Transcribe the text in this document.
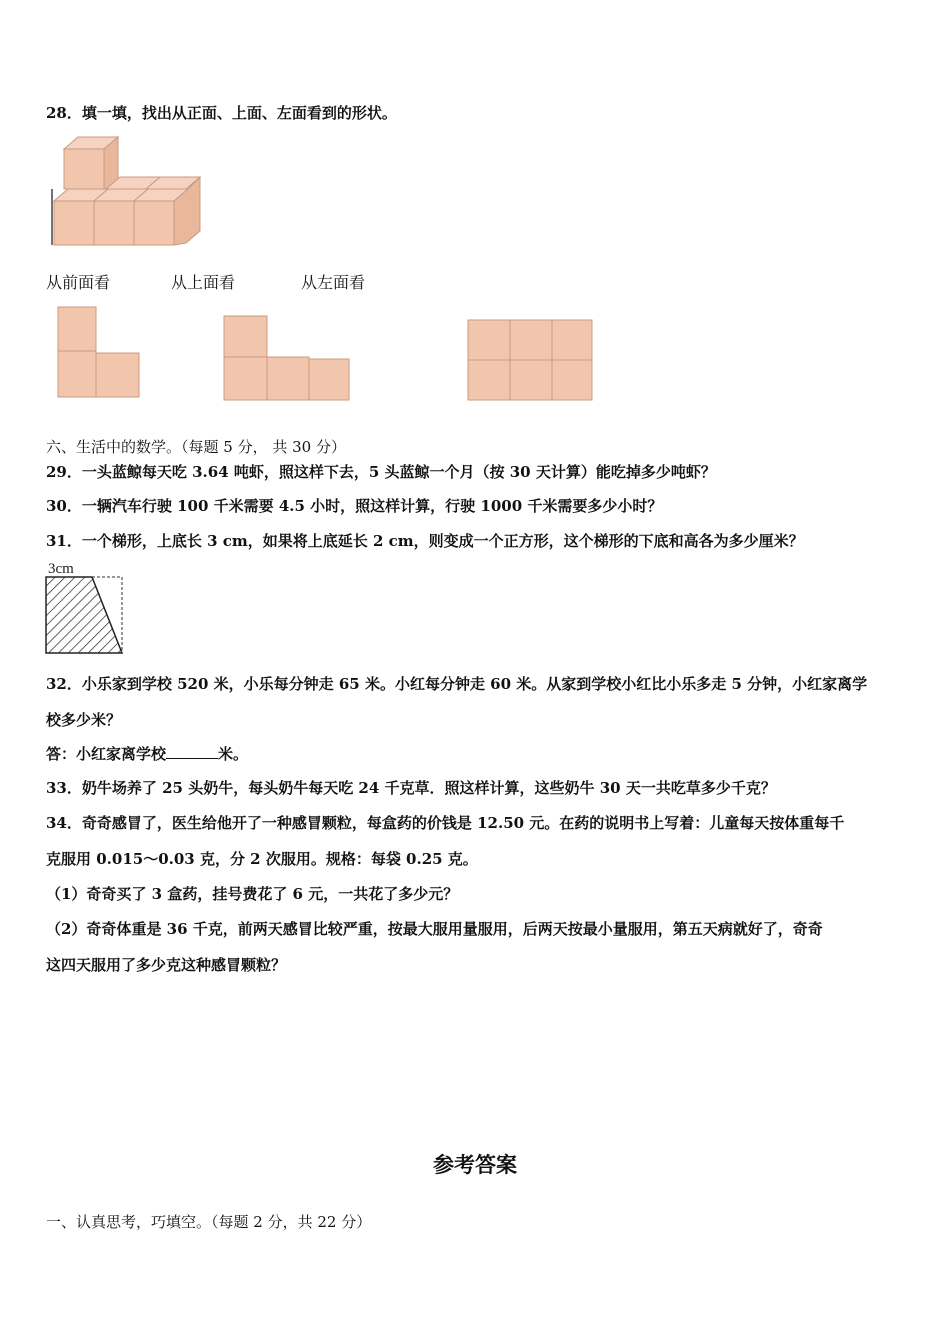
28．填一填，找出从正面、上面、左面看到的形状。
从前面看	从上面看	从左面看
六、生活中的数学。（每题 5 分， 共 30 分）
29．一头蓝鲸每天吃 3.64 吨虾，照这样下去，5 头蓝鲸一个月（按 30 天计算）能吃掉多少吨虾？
30．一辆汽车行驶 100 千米需要 4.5 小时，照这样计算，行驶 1000 千米需要多少小时？
31．一个梯形，上底长 3 cm，如果将上底延长 2 cm，则变成一个正方形，这个梯形的下底和高各为多少厘米？
3cm
32．小乐家到学校 520 米，小乐每分钟走 65 米。小红每分钟走 60 米。从家到学校小红比小乐多走 5 分钟，小红家离学
校多少米？
答：小红家离学校	米。
33．奶牛场养了 25 头奶牛，每头奶牛每天吃 24 千克草．照这样计算，这些奶牛 30 天一共吃草多少千克？
34．奇奇感冒了，医生给他开了一种感冒颗粒，每盒药的价钱是 12.50 元。在药的说明书上写着：儿童每天按体重每千
克服用 0.015～0.03 克，分 2 次服用。规格：每袋 0.25 克。
（1）奇奇买了 3 盒药，挂号费花了 6 元，一共花了多少元？
（2）奇奇体重是 36 千克，前两天感冒比较严重，按最大服用量服用，后两天按最小量服用，第五天病就好了，奇奇
这四天服用了多少克这种感冒颗粒？
参考答案
一、认真思考，巧填空。（每题 2 分，共 22 分）
